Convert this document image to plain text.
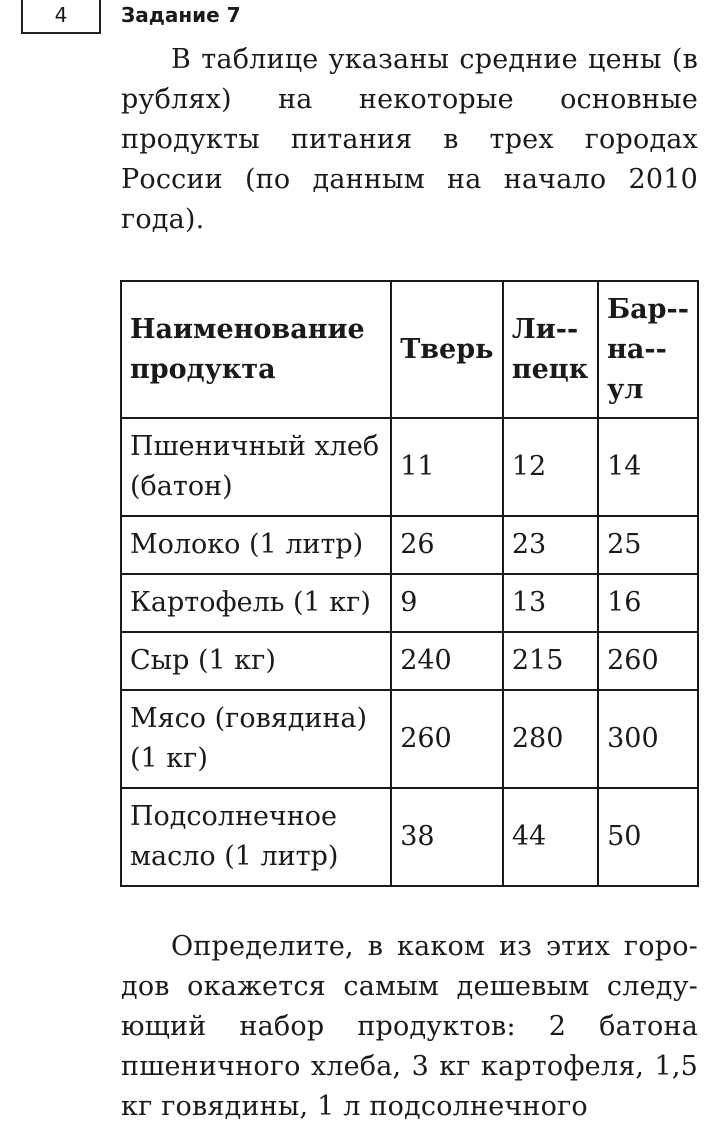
4	Задание 7

В таблице указаны средние цены (в рублях) на некоторые основные продукты питания в трех городах России (по данным на начало 2010 года).

Наименование продукта	Тверь	Ли-пецк	Бар-на-ул
Пшеничный хлеб (батон)	11	12	14
Молоко (1 литр)	26	23	25
Картофель (1 кг)	9	13	16
Сыр (1 кг)	240	215	260
Мясо (говядина) (1 кг)	260	280	300
Подсолнечное масло (1 литр)	38	44	50

Определите, в каком из этих горо-дов окажется самым дешевым следу-ющий набор продуктов: 2 батона пшеничного хлеба, 3 кг картофеля, 1,5 кг говядины, 1 л подсолнечного
